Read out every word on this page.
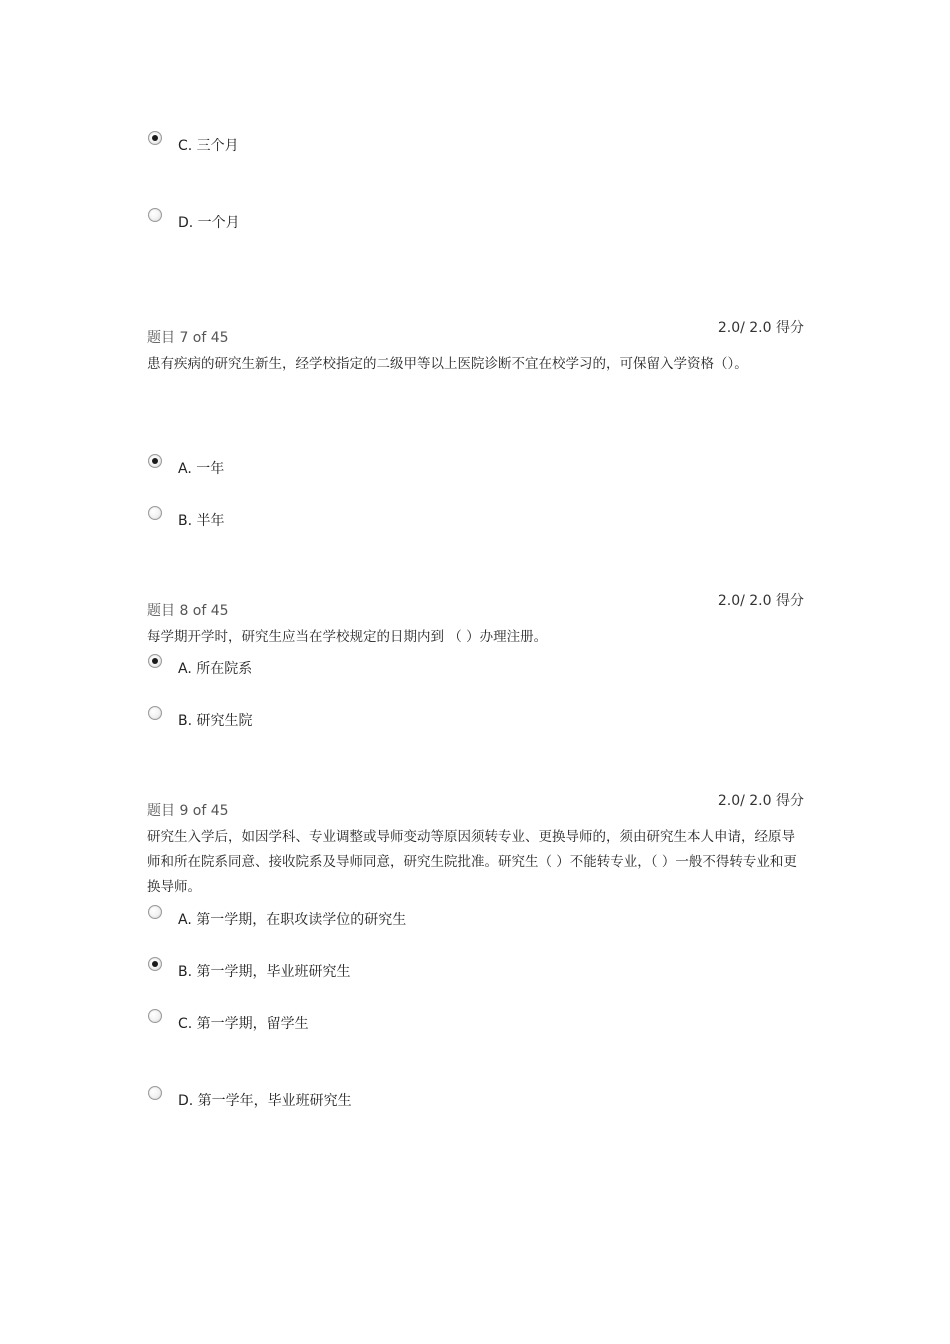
C. 三个月
D. 一个月
2.0/ 2.0 得分
题目 7 of 45
患有疾病的研究生新生，经学校指定的二级甲等以上医院诊断不宜在校学习的，可保留入学资格（）。
A. 一年
B. 半年
2.0/ 2.0 得分
题目 8 of 45
每学期开学时，研究生应当在学校规定的日期内到 （ ）办理注册。
A. 所在院系
B. 研究生院
2.0/ 2.0 得分
题目 9 of 45
研究生入学后，如因学科、专业调整或导师变动等原因须转专业、更换导师的，须由研究生本人申请，经原导师和所在院系同意、接收院系及导师同意，研究生院批准。研究生（ ）不能转专业，（ ）一般不得转专业和更换导师。
A. 第一学期，在职攻读学位的研究生
B. 第一学期，毕业班研究生
C. 第一学期，留学生
D. 第一学年，毕业班研究生
